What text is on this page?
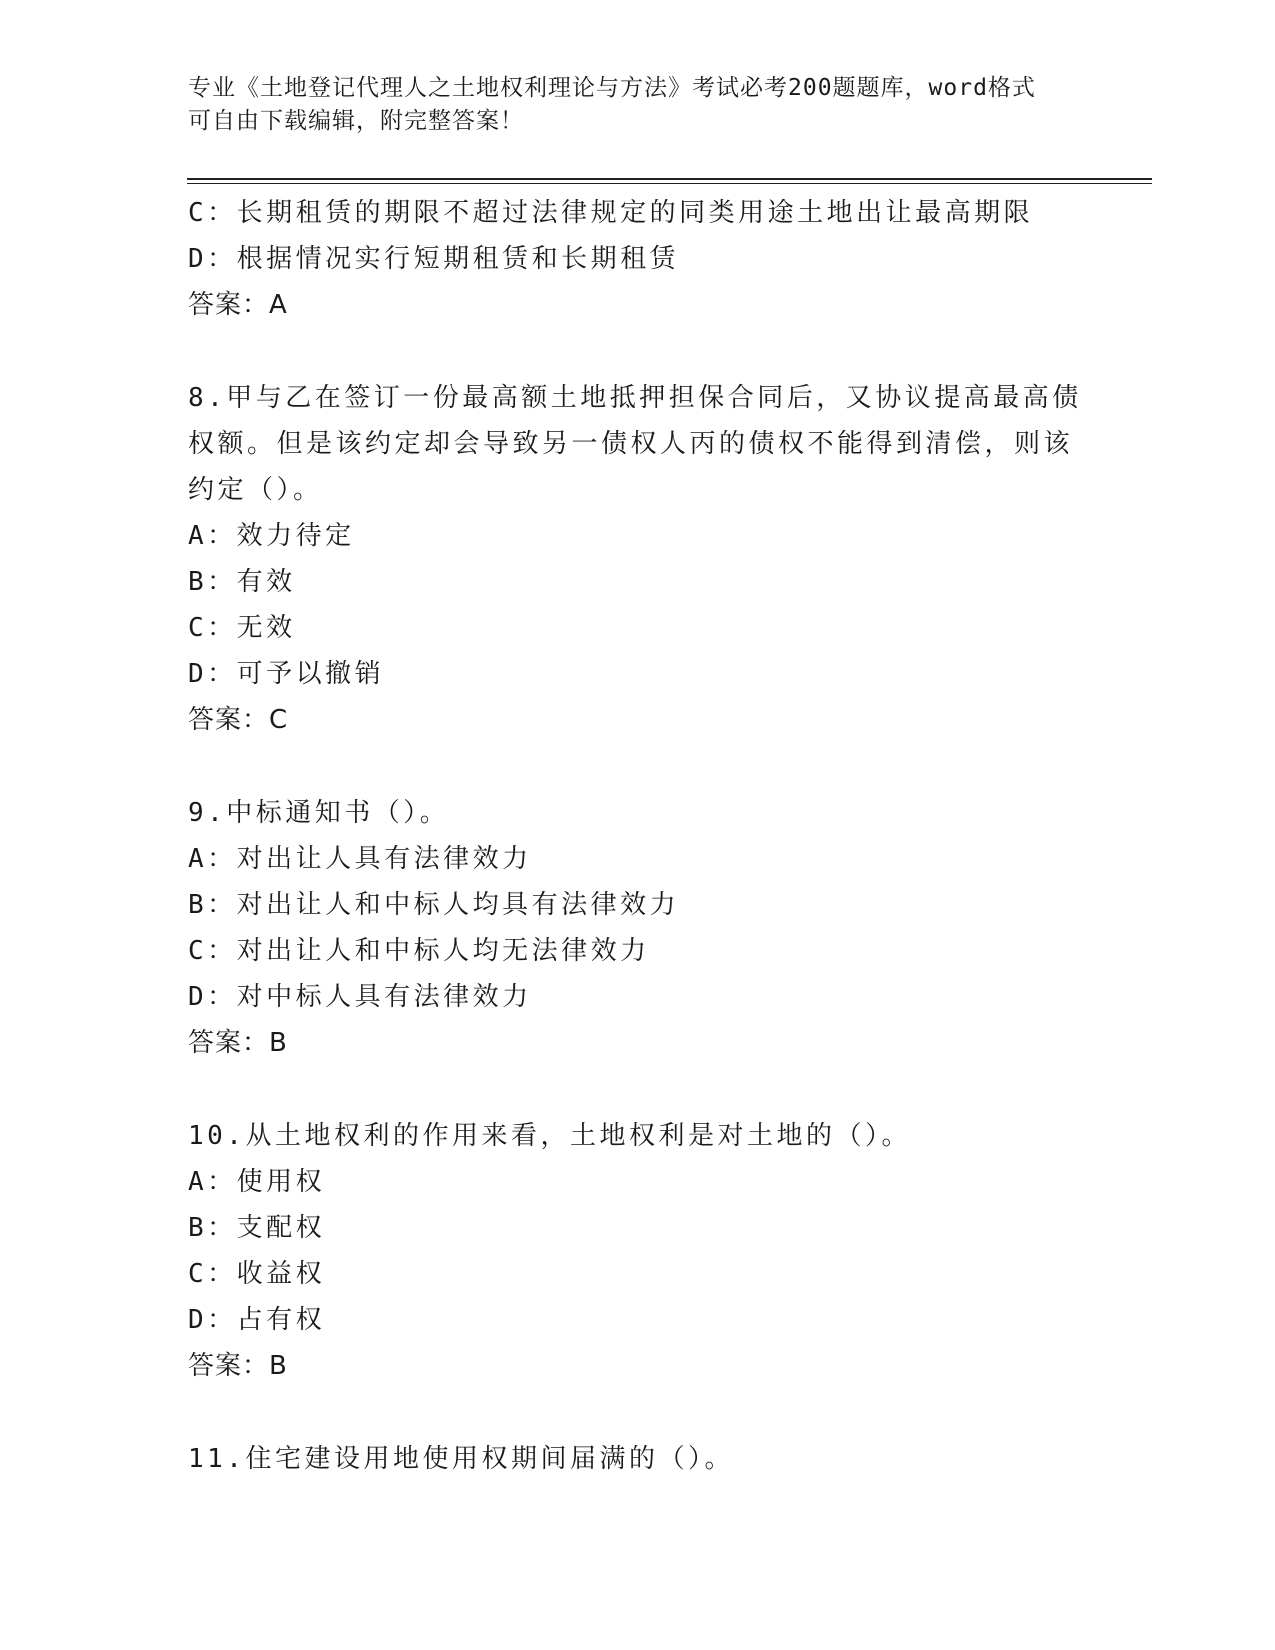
专业《土地登记代理人之土地权利理论与方法》考试必考200题题库，word格式
可自由下载编辑，附完整答案！
C：长期租赁的期限不超过法律规定的同类用途土地出让最高期限
D：根据情况实行短期租赁和长期租赁
答案：A
8.甲与乙在签订一份最高额土地抵押担保合同后，又协议提高最高债
权额。但是该约定却会导致另一债权人丙的债权不能得到清偿，则该
约定（）。
A：效力待定
B：有效
C：无效
D：可予以撤销
答案：C
9.中标通知书（）。
A：对出让人具有法律效力
B：对出让人和中标人均具有法律效力
C：对出让人和中标人均无法律效力
D：对中标人具有法律效力
答案：B
10.从土地权利的作用来看，土地权利是对土地的（）。
A：使用权
B：支配权
C：收益权
D：占有权
答案：B
11.住宅建设用地使用权期间届满的（）。
